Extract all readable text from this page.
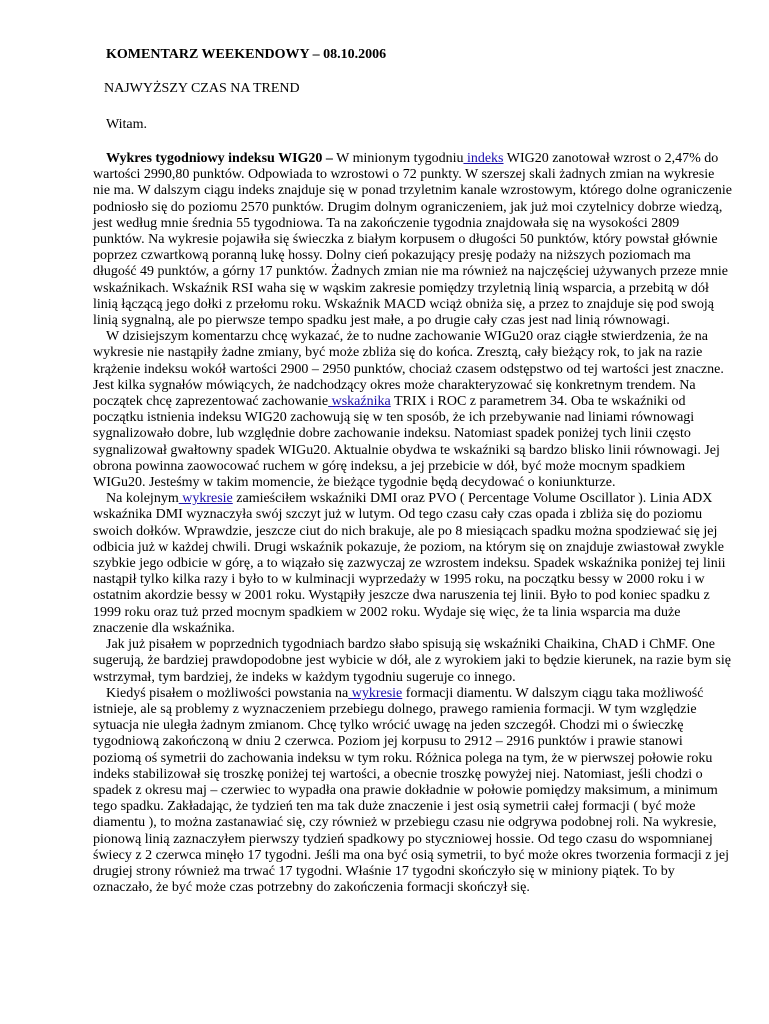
KOMENTARZ WEEKENDOWY – 08.10.2006
NAJWYŻSZY CZAS NA TREND
Witam.

Wykres tygodniowy indeksu WIG20 – W minionym tygodniu indeks WIG20 zanotował wzrost o 2,47% do wartości 2990,80 punktów. Odpowiada to wzrostowi o 72 punkty. W szerszej skali żadnych zmian na wykresie nie ma. W dalszym ciągu indeks znajduje się w ponad trzyletnim kanale wzrostowym, którego dolne ograniczenie podniosło się do poziomu 2570 punktów. Drugim dolnym ograniczeniem, jak już moi czytelnicy dobrze wiedzą, jest według mnie średnia 55 tygodniowa. Ta na zakończenie tygodnia znajdowała się na wysokości 2809 punktów. Na wykresie pojawiła się świeczka z białym korpusem o długości 50 punktów, który powstał głównie poprzez czwartkową poranną lukę hossy. Dolny cień pokazujący presję podaży na niższych poziomach ma długość 49 punktów, a górny 17 punktów. Żadnych zmian nie ma również na najczęściej używanych przeze mnie wskaźnikach. Wskaźnik RSI waha się w wąskim zakresie pomiędzy trzyletnią linią wsparcia, a przebitą w dół linią łączącą jego dołki z przełomu roku. Wskaźnik MACD wciąż obniża się, a przez to znajduje się pod swoją linią sygnalną, ale po pierwsze tempo spadku jest małe, a po drugie cały czas jest nad linią równowagi.

W dzisiejszym komentarzu chcę wykazać, że to nudne zachowanie WIGu20 oraz ciągłe stwierdzenia, że na wykresie nie nastąpiły żadne zmiany, być może zbliża się do końca. Zresztą, cały bieżący rok, to jak na razie krążenie indeksu wokół wartości 2900 – 2950 punktów, chociaż czasem odstępstwo od tej wartości jest znaczne. Jest kilka sygnałów mówiących, że nadchodzący okres może charakteryzować się konkretnym trendem. Na początek chcę zaprezentować zachowanie wskaźnika TRIX i ROC z parametrem 34. Oba te wskaźniki od początku istnienia indeksu WIG20 zachowują się w ten sposób, że ich przebywanie nad liniami równowagi sygnalizowało dobre, lub względnie dobre zachowanie indeksu. Natomiast spadek poniżej tych linii często sygnalizował gwałtowny spadek WIGu20. Aktualnie obydwa te wskaźniki są bardzo blisko linii równowagi. Jej obrona powinna zaowocować ruchem w górę indeksu, a jej przebicie w dół, być może mocnym spadkiem WIGu20. Jesteśmy w takim momencie, że bieżące tygodnie będą decydować o koniunkturze.

Na kolejnym wykresie zamieściłem wskaźniki DMI oraz PVO ( Percentage Volume Oscillator ). Linia ADX wskaźnika DMI wyznaczyła swój szczyt już w lutym. Od tego czasu cały czas opada i zbliża się do poziomu swoich dołków. Wprawdzie, jeszcze ciut do nich brakuje, ale po 8 miesiącach spadku można spodziewać się jej odbicia już w każdej chwili. Drugi wskaźnik pokazuje, że poziom, na którym się on znajduje zwiastował zwykle szybkie jego odbicie w górę, a to wiązało się zazwyczaj ze wzrostem indeksu. Spadek wskaźnika poniżej tej linii nastąpił tylko kilka razy i było to w kulminacji wyprzedaży w 1995 roku, na początku bessy w 2000 roku i w ostatnim akordzie bessy w 2001 roku. Wystąpiły jeszcze dwa naruszenia tej linii. Było to pod koniec spadku z 1999 roku oraz tuż przed mocnym spadkiem w 2002 roku. Wydaje się więc, że ta linia wsparcia ma duże znaczenie dla wskaźnika.

Jak już pisałem w poprzednich tygodniach bardzo słabo spisują się wskaźniki Chaikina, ChAD i ChMF. One sugerują, że bardziej prawdopodobne jest wybicie w dół, ale z wyrokiem jaki to będzie kierunek, na razie bym się wstrzymał, tym bardziej, że indeks w każdym tygodniu sugeruje co innego.

Kiedyś pisałem o możliwości powstania na wykresie formacji diamentu. W dalszym ciągu taka możliwość istnieje, ale są problemy z wyznaczeniem przebiegu dolnego, prawego ramienia formacji. W tym względzie sytuacja nie uległa żadnym zmianom. Chcę tylko wrócić uwagę na jeden szczegół. Chodzi mi o świeczkę tygodniową zakończoną w dniu 2 czerwca. Poziom jej korpusu to 2912 – 2916 punktów i prawie stanowi poziomą oś symetrii do zachowania indeksu w tym roku. Różnica polega na tym, że w pierwszej połowie roku indeks stabilizował się troszkę poniżej tej wartości, a obecnie troszkę powyżej niej. Natomiast, jeśli chodzi o spadek z okresu maj – czerwiec to wypadła ona prawie dokładnie w połowie pomiędzy maksimum, a minimum tego spadku. Zakładając, że tydzień ten ma tak duże znaczenie i jest osią symetrii całej formacji ( być może diamentu ), to można zastanawiać się, czy również w przebiegu czasu nie odgrywa podobnej roli. Na wykresie, pionową linią zaznaczyłem pierwszy tydzień spadkowy po styczniowej hossie. Od tego czasu do wspomnianej świecy z 2 czerwca minęło 17 tygodni. Jeśli ma ona być osią symetrii, to być może okres tworzenia formacji z jej drugiej strony również ma trwać 17 tygodni. Właśnie 17 tygodni skończyło się w miniony piątek. To by oznaczało, że być może czas potrzebny do zakończenia formacji skończył się.
